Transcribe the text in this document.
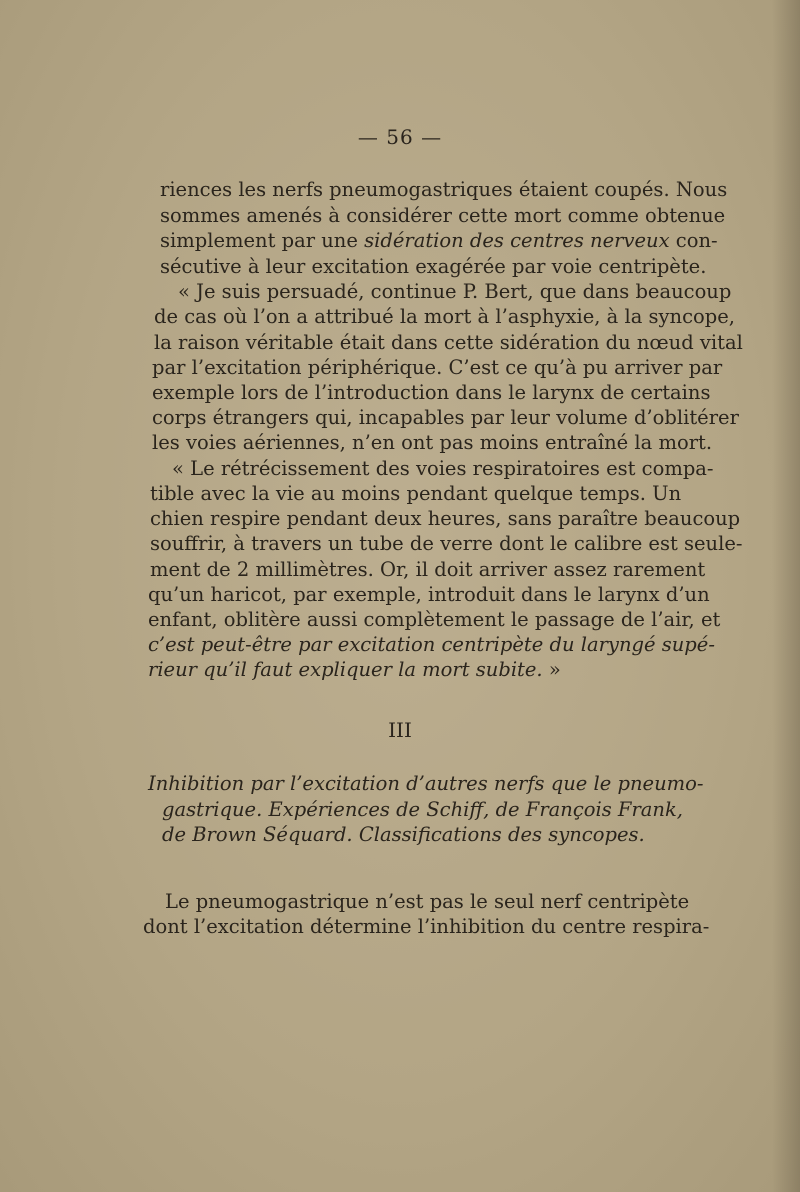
— 56 —
riences les nerfs pneumogastriques étaient coupés. Nous
sommes amenés à considérer cette mort comme obtenue
simplement par une sidération des centres nerveux con-
sécutive à leur excitation exagérée par voie centripète.
« Je suis persuadé, continue P. Bert, que dans beaucoup
de cas où l’on a attribué la mort à l’asphyxie, à la syncope,
la raison véritable était dans cette sidération du nœud vital
par l’excitation périphérique. C’est ce qu’à pu arriver par
exemple lors de l’introduction dans le larynx de certains
corps étrangers qui, incapables par leur volume d’oblitérer
les voies aériennes, n’en ont pas moins entraîné la mort.
« Le rétrécissement des voies respiratoires est compa-
tible avec la vie au moins pendant quelque temps. Un
chien respire pendant deux heures, sans paraître beaucoup
souffrir, à travers un tube de verre dont le calibre est seule-
ment de 2 millimètres. Or, il doit arriver assez rarement
qu’un haricot, par exemple, introduit dans le larynx d’un
enfant, oblitère aussi complètement le passage de l’air, et
c’est peut-être par excitation centripète du laryngé supé-
rieur qu’il faut expliquer la mort subite. »
III
Inhibition par l’excitation d’autres nerfs que le pneumo-
gastrique. Expériences de Schiff, de François Frank,
de Brown Séquard. Classifications des syncopes.
Le pneumogastrique n’est pas le seul nerf centripète
dont l’excitation détermine l’inhibition du centre respira-
